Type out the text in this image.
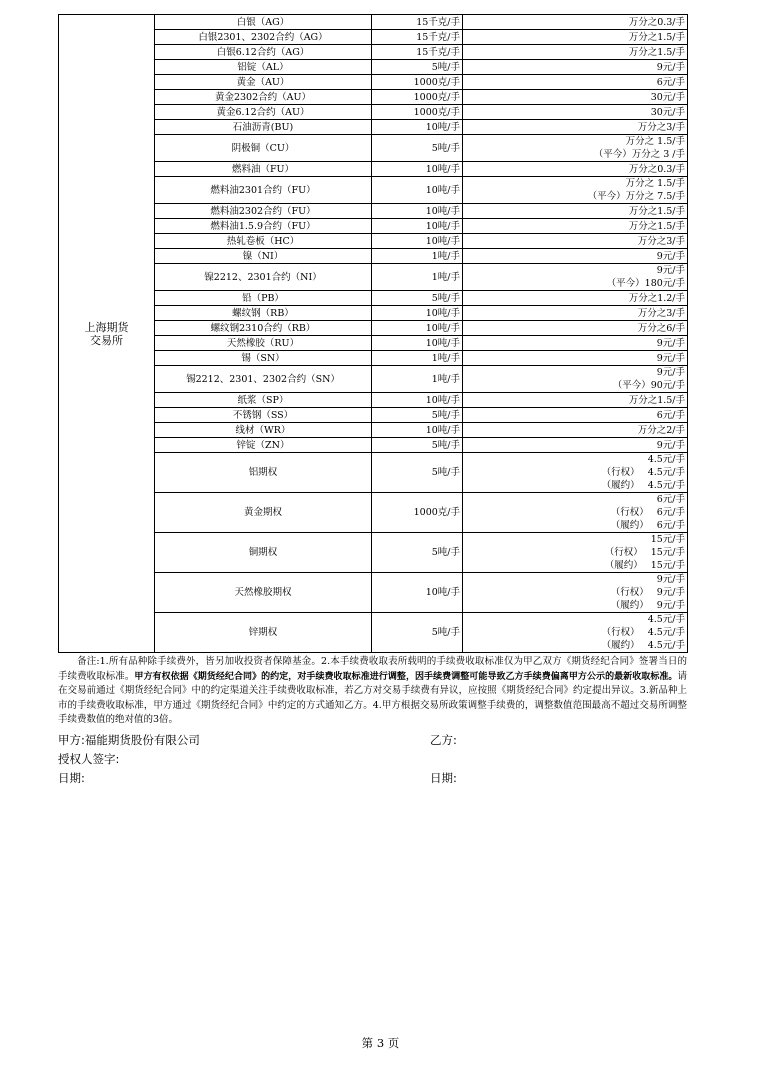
上海期货
交易所	白银（AG）	15千克/手	万分之0.3/手

	白银2301、2302合约（AG）	15千克/手	万分之1.5/手

	白银6.12合约（AG）	15千克/手	万分之1.5/手

	铝锭（AL）	5吨/手	9元/手

	黄金（AU）	1000克/手	6元/手

	黄金2302合约（AU）	1000克/手	30元/手

	黄金6.12合约（AU）	1000克/手	30元/手

	石油沥青(BU)	10吨/手	万分之3/手

	阴极铜（CU）	5吨/手	万分之 1.5/手
（平今）万分之 3 /手

	燃料油（FU）	10吨/手	万分之0.3/手

	燃料油2301合约（FU）	10吨/手	万分之 1.5/手
（平今）万分之 7.5/手

	燃料油2302合约（FU）	10吨/手	万分之1.5/手

	燃料油1.5.9合约（FU）	10吨/手	万分之1.5/手

	热轧卷板（HC）	10吨/手	万分之3/手

	镍（NI）	1吨/手	9元/手

	镍2212、2301合约（NI）	1吨/手	9元/手
（平今）180元/手

	铅（PB）	5吨/手	万分之1.2/手

	螺纹钢（RB）	10吨/手	万分之3/手

	螺纹钢2310合约（RB）	10吨/手	万分之6/手

	天然橡胶（RU）	10吨/手	9元/手

	锡（SN）	1吨/手	9元/手

	锡2212、2301、2302合约（SN）	1吨/手	9元/手
（平今）90元/手

	纸浆（SP）	10吨/手	万分之1.5/手

	不锈钢（SS）	5吨/手	6元/手

	线材（WR）	10吨/手	万分之2/手

	锌锭（ZN）	5吨/手	9元/手

	铝期权	5吨/手	4.5元/手
（行权） 4.5元/手
（履约） 4.5元/手

	黄金期权	1000克/手	6元/手
（行权） 6元/手
（履约） 6元/手

	铜期权	5吨/手	15元/手
（行权） 15元/手
（履约） 15元/手

	天然橡胶期权	10吨/手	9元/手
（行权） 9元/手
（履约） 9元/手

	锌期权	5吨/手	4.5元/手
（行权） 4.5元/手
（履约） 4.5元/手
备注:1.所有品种除手续费外，皆另加收投资者保障基金。2.本手续费收取表所载明的手续费收取标准仅为甲乙双方《期货经纪合同》签署当日的手续费收取标准。甲方有权依据《期货经纪合同》的约定，对手续费收取标准进行调整，因手续费调整可能导致乙方手续费偏离甲方公示的最新收取标准。请在交易前通过《期货经纪合同》中的约定渠道关注手续费收取标准，若乙方对交易手续费有异议，应按照《期货经纪合同》约定提出异议。3.新品种上市的手续费收取标准，甲方通过《期货经纪合同》中约定的方式通知乙方。4.甲方根据交易所政策调整手续费的，调整数值范围最高不超过交易所调整手续费数值的绝对值的3倍。
甲方:福能期货股份有限公司	乙方:
授权人签字:
日期:	日期:
第 3 页
